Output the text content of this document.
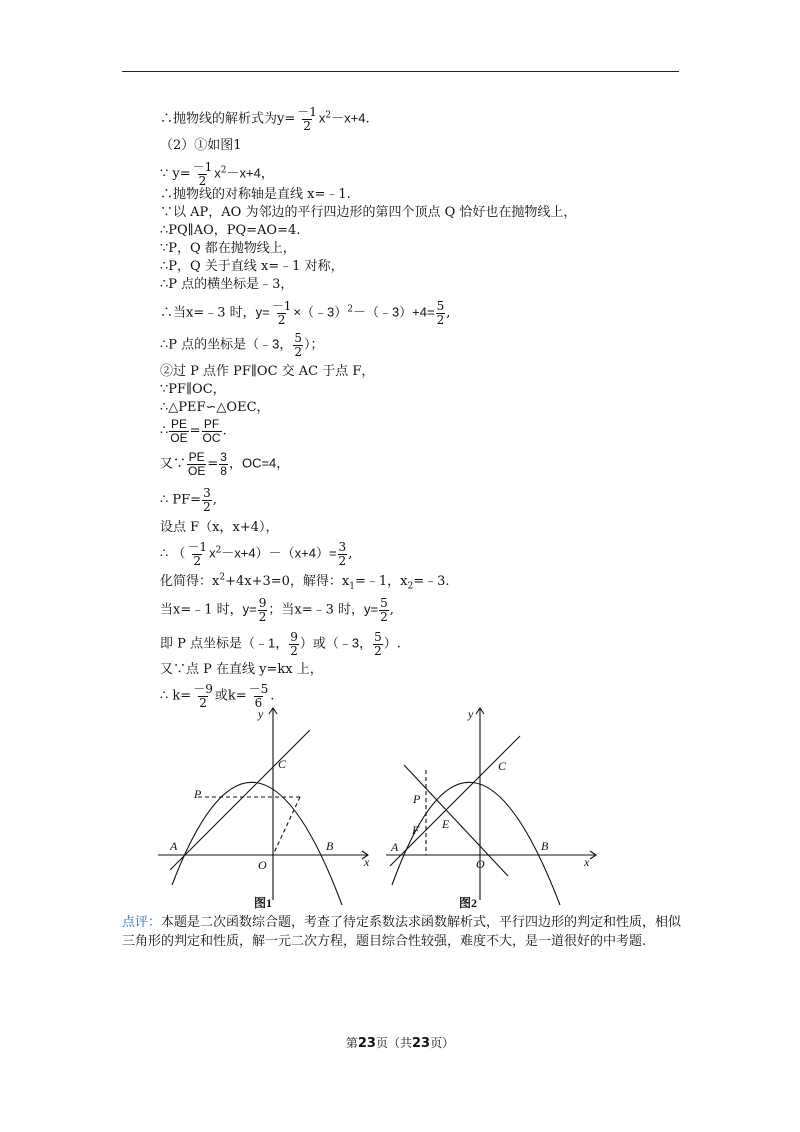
∴抛物线的解析式为$y= \frac{-1}{2} x^2-x+4$.
（2）①如图1
∵ $y= \frac{-1}{2} x^2-x+4$，
∴抛物线的对称轴是直线 x=﹣1.
∵以 AP，AO 为邻边的平行四边形的第四个顶点 Q 恰好也在抛物线上，
∴PQ∥AO，PQ=AO=4.
∵P，Q 都在抛物线上，
∴P，Q 关于直线 x=﹣1 对称，
∴P 点的横坐标是﹣3，
∴当x=﹣3 时，$y= \frac{-1}{2}$ ×（﹣3）$^2$－（﹣3）+4= $\frac{5}{2}$ ,
∴P 点的坐标是（﹣3， $\frac{5}{2}$ ）；
②过 P 点作 PF∥OC 交 AC 于点 F，
∵PF∥OC，
∴△PEF∽△OEC，
∴ $\frac{PE}{OE} = \frac{PF}{OC}$ .
又∵ $\frac{PE}{OE} = \frac{3}{8}$ ，OC=4，
∴ $PF= \frac{3}{2}$ ,
设点 F（x，x+4），
∴ （ $\frac{-1}{2} x^2-x+4)-(x+4)= \frac{3}{2}$ ,
化简得：$x^2+4x+3=0$，解得：$x_1=﹣1$，$x_2=﹣3$.
当x=﹣1 时，$y= \frac{9}{2}$ ；当x=﹣3 时，$y= \frac{5}{2}$ ,
即 P 点坐标是（﹣1， $\frac{9}{2}$ ）或（﹣3， $\frac{5}{2}$ ）.
又∵点 P 在直线 y=kx 上，
∴ $k= \frac{-9}{2}$ 或$k= \frac{-5}{6}$ .
y
C
P
A
O
B
x
图1
y
C
P
F E
A
O
B
x
图2
点评：本题是二次函数综合题，考查了待定系数法求函数解析式，平行四边形的判定和性质，相似三角形的判定和性质，解一元二次方程，题目综合性较强，难度不大，是一道很好的中考题.
第23页（共23页）
